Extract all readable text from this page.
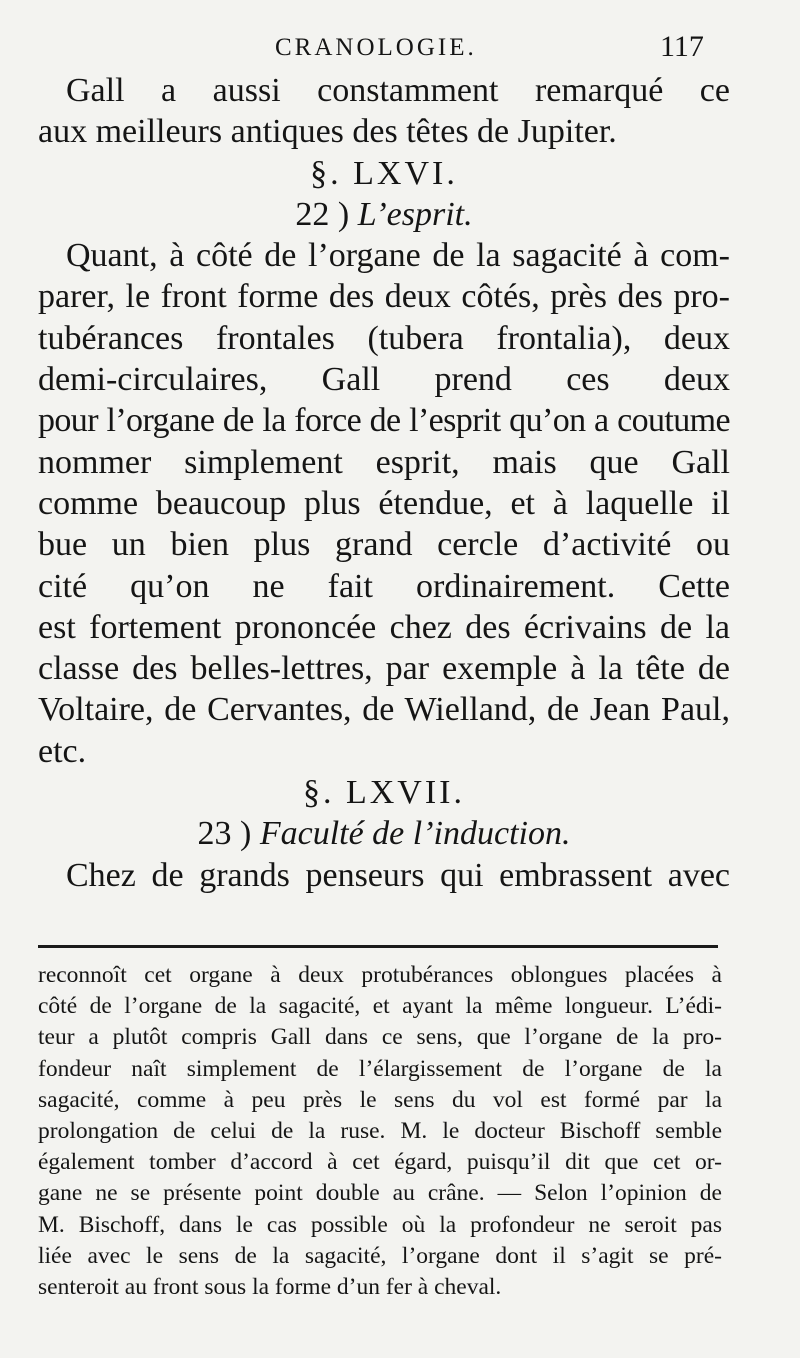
CRANOLOGIE.	117
Gall a aussi constamment remarqué ce
aux meilleurs antiques des têtes de Jupiter.
§. LXVI.
22 ) L’esprit.
Quant, à côté de l’organe de la sagacité à com-
parer, le front forme des deux côtés, près des pro-
tubérances frontales (tubera frontalia), deux
demi-circulaires, Gall prend ces deux
pour l’organe de la force de l’esprit qu’on a coutume
nommer simplement esprit, mais que Gall
comme beaucoup plus étendue, et à laquelle il
bue un bien plus grand cercle d’activité ou
cité qu’on ne fait ordinairement. Cette
est fortement prononcée chez des écrivains de la
classe des belles-lettres, par exemple à la tête de
Voltaire, de Cervantes, de Wielland, de Jean Paul,
etc.
§. LXVII.
23 ) Faculté de l’induction.
Chez de grands penseurs qui embrassent avec
reconnoît cet organe à deux protubérances oblongues placées à
côté de l’organe de la sagacité, et ayant la même longueur. L’édi-
teur a plutôt compris Gall dans ce sens, que l’organe de la pro-
fondeur naît simplement de l’élargissement de l’organe de la
sagacité, comme à peu près le sens du vol est formé par la
prolongation de celui de la ruse. M. le docteur Bischoff semble
également tomber d’accord à cet égard, puisqu’il dit que cet or-
gane ne se présente point double au crâne. — Selon l’opinion de
M. Bischoff, dans le cas possible où la profondeur ne seroit pas
liée avec le sens de la sagacité, l’organe dont il s’agit se pré-
senteroit au front sous la forme d’un fer à cheval.
